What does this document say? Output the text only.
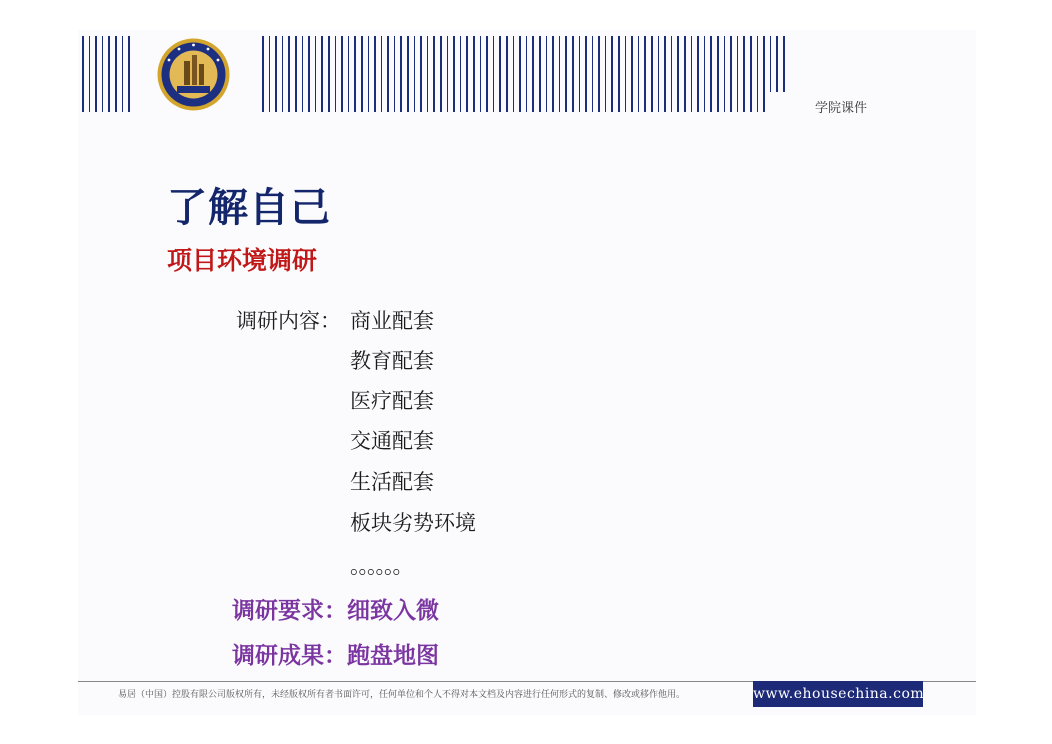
学院课件
了解自己
项目环境调研
调研内容： 商业配套
教育配套
医疗配套
交通配套
生活配套
板块劣势环境
。。。。。。
调研要求：细致入微
调研成果：跑盘地图
易居（中国）控股有限公司版权所有，未经版权所有者书面许可，任何单位和个人不得对本文档及内容进行任何形式的复制、修改或移作他用。	www.ehousechina.com
